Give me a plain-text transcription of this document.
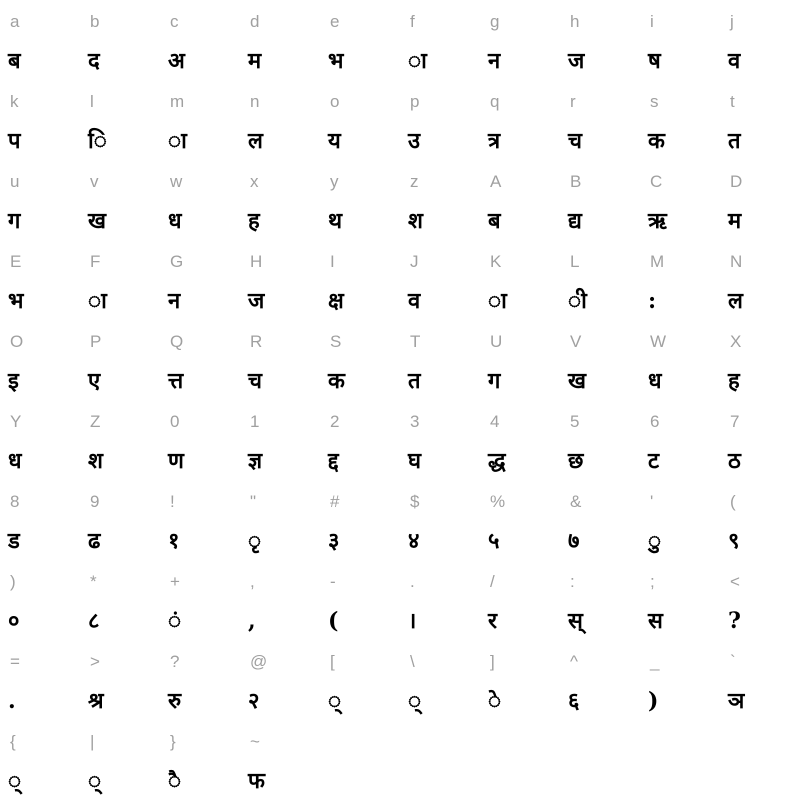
a
ब
b
द
c
अ
d
म
e
भ
f
ा
g
न
h
ज
i
ष
j
व
k
प
l
ि
m
ा
n
ल
o
य
p
उ
q
त्र
r
च
s
क
t
त
u
ग
v
ख
w
ध
x
ह
y
थ
z
श
A
ब
B
द्य
C
ऋ
D
म
E
भ
F
ा
G
न
H
ज
I
क्ष
J
व
K
ा
L
ी
M
:
N
ल
O
इ
P
ए
Q
त्त
R
च
S
क
T
त
U
ग
V
ख
W
ध
X
ह
Y
ध
Z
श
0
ण
1
ज्ञ
2
द्द
3
घ
4
द्ध
5
छ
6
ट
7
ठ
8
ड
9
ढ
!
१
"
ृ
#
३
$
४
%
५
&
७
'
ु
(
९
)
०
*
८
+
ं
,
,
-
(
.
।
/
र
:
स्
;
स
<
?
=
.
>
श्र
?
रु
@
२
[
्
\
्
]
े
^
६
_
)
`
ञ
{
्
|
्
}
ै
~
फ
